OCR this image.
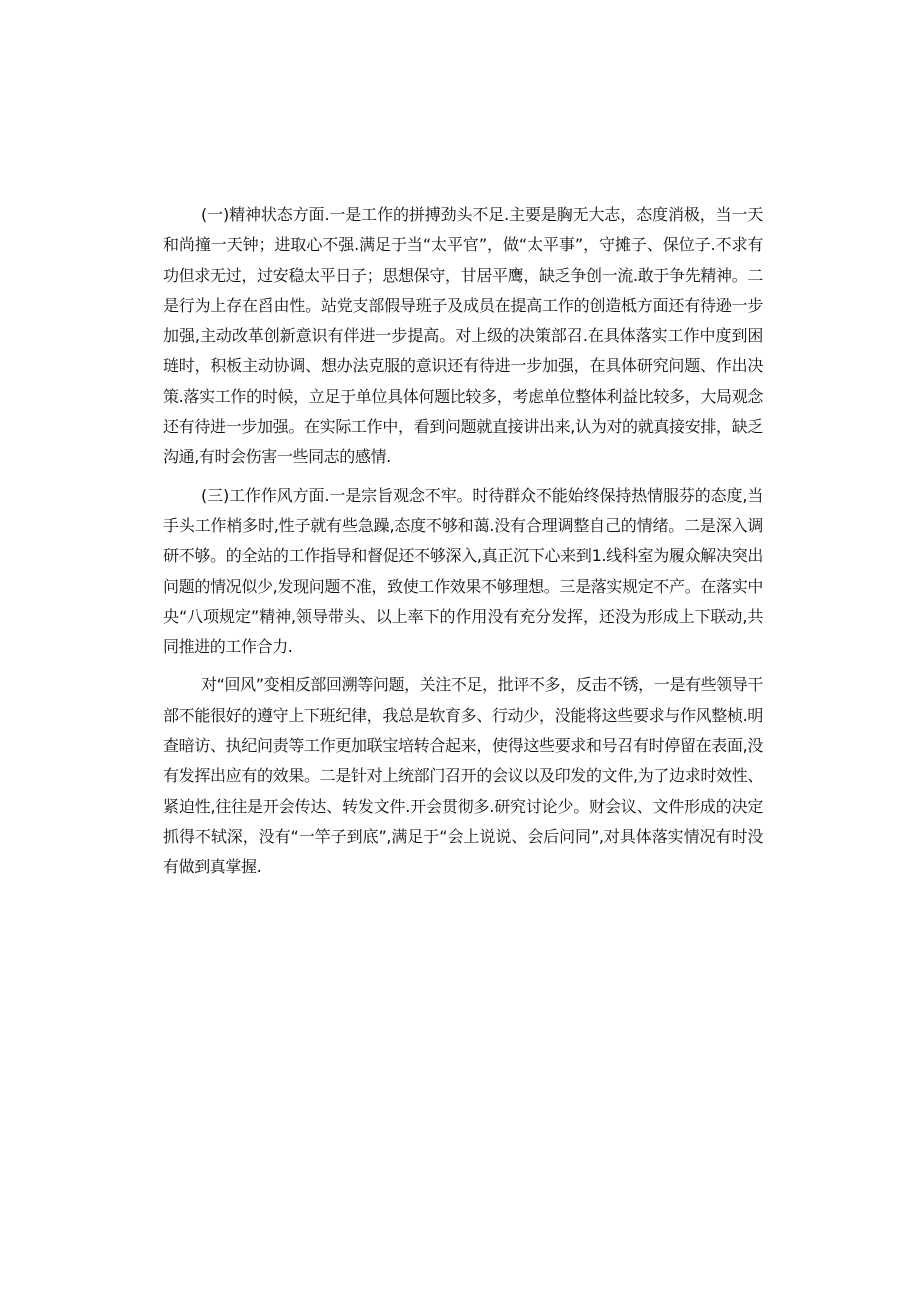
(一)精神状态方面.一是工作的拼搏劲头不足.主要是胸无大志，态度消极，当一天和尚撞一天钟；进取心不强.满足于当“太平官”，做“太平事”，守摊子、保位子.不求有功但求无过，过安稳太平日子；思想保守，甘居平鹰，缺乏争创一流.敢于争先精神。二是行为上存在舀由性。站党支部假导班子及成员在提高工作的创造柢方面还有待逊一步加强,主动改革创新意识有伴进一步提高。对上级的决策部召.在具体落实工作中度到困琏时，积板主动协调、想办法克服的意识还有待进一步加强，在具体研究问题、作出决策.落实工作的时候，立足于单位具体何题比较多，考虑单位整体利益比较多，大局观念还有待进一步加强。在实际工作中，看到问题就直接讲出来,认为对的就真接安排，缺乏沟通,有时会伤害一些同志的感情.

(三)工作作风方面.一是宗旨观念不牢。时待群众不能始终保持热情服芬的态度,当手头工作梢多时,性子就有些急躁,态度不够和蔼.没有合理调整自己的情绪。二是深入调研不够。的全站的工作指导和督促还不够深入,真正沉下心来到1.线科室为履众解决突出问题的情况似少,发现问题不准，致使工作效果不够理想。三是落实规定不产。在落实中央“八项规定”精神,领导带头、以上率下的作用没有充分发挥，还没为形成上下联动,共同推进的工作合力.

对“回风”变相反部回溯等问题，关注不足，批评不多，反击不锈，一是有些领导干部不能很好的遵守上下班纪律，我总是软育多、行动少，没能将这些要求与作风整桢.明查暗访、执纪问责等工作更加联宝培转合起来，使得这些要求和号召有时停留在表面,没有发挥出应有的效果。二是针对上统部门召开的会议以及印发的文件,为了边求时效性、紧迫性,往往是开会传达、转发文件.开会贯彻多.研究讨论少。财会议、文件形成的决定抓得不轼深，没有“一竿子到底”,满足于“会上说说、会后问同”,对具体落实情况有时没有做到真掌握.
